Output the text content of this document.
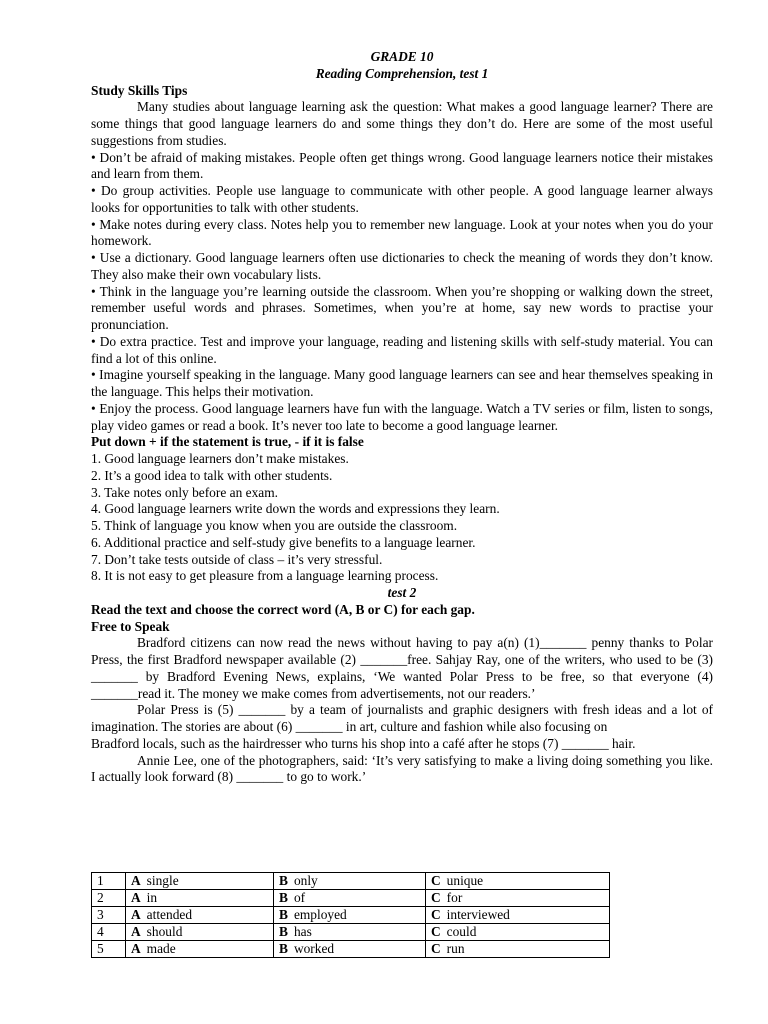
GRADE 10

Reading Comprehension, test 1

Study Skills Tips

Many studies about language learning ask the question: What makes a good language learner? There are some things that good language learners do and some things they don’t do. Here are some of the most useful suggestions from studies.

• Don’t be afraid of making mistakes. People often get things wrong. Good language learners notice their mistakes and learn from them.

• Do group activities. People use language to communicate with other people. A good language learner always looks for opportunities to talk with other students.

• Make notes during every class. Notes help you to remember new language. Look at your notes when you do your homework.

• Use a dictionary. Good language learners often use dictionaries to check the meaning of words they don’t know. They also make their own vocabulary lists.

• Think in the language you’re learning outside the classroom. When you’re shopping or walking down the street, remember useful words and phrases. Sometimes, when you’re at home, say new words to practise your pronunciation.

• Do extra practice. Test and improve your language, reading and listening skills with self-study material. You can find a lot of this online.

• Imagine yourself speaking in the language. Many good language learners can see and hear themselves speaking in the language. This helps their motivation.

• Enjoy the process. Good language learners have fun with the language. Watch a TV series or film, listen to songs, play video games or read a book. It’s never too late to become a good language learner.

Put down + if the statement is true, - if it is false

1. Good language learners don’t make mistakes.

2. It’s a good idea to talk with other students.

3. Take notes only before an exam.

4. Good language learners write down the words and expressions they learn.

5. Think of language you know when you are outside the classroom.

6. Additional practice and self-study give benefits to a language learner.

7. Don’t take tests outside of class – it’s very stressful.

8. It is not easy to get pleasure from a language learning process.

test 2

Read the text and choose the correct word (A, B or C) for each gap.

Free to Speak

Bradford citizens can now read the news without having to pay a(n) (1)_______ penny thanks to Polar Press, the first Bradford newspaper available (2) _______free. Sahjay Ray, one of the writers, who used to be (3) _______ by Bradford Evening News, explains, ‘We wanted Polar Press to be free, so that everyone (4) _______read it. The money we make comes from advertisements, not our readers.’

Polar Press is (5) _______ by a team of journalists and graphic designers with fresh ideas and a lot of imagination. The stories are about (6) _______ in art, culture and fashion while also focusing on

Bradford locals, such as the hairdresser who turns his shop into a café after he stops (7) _______ hair.

Annie Lee, one of the photographers, said: ‘It’s very satisfying to make a living doing something you like. I actually look forward (8) _______ to go to work.’

1	A single	B only	C unique
2	A in	B of	C for
3	A attended	B employed	C interviewed
4	A should	B has	C could
5	A made	B worked	C run
